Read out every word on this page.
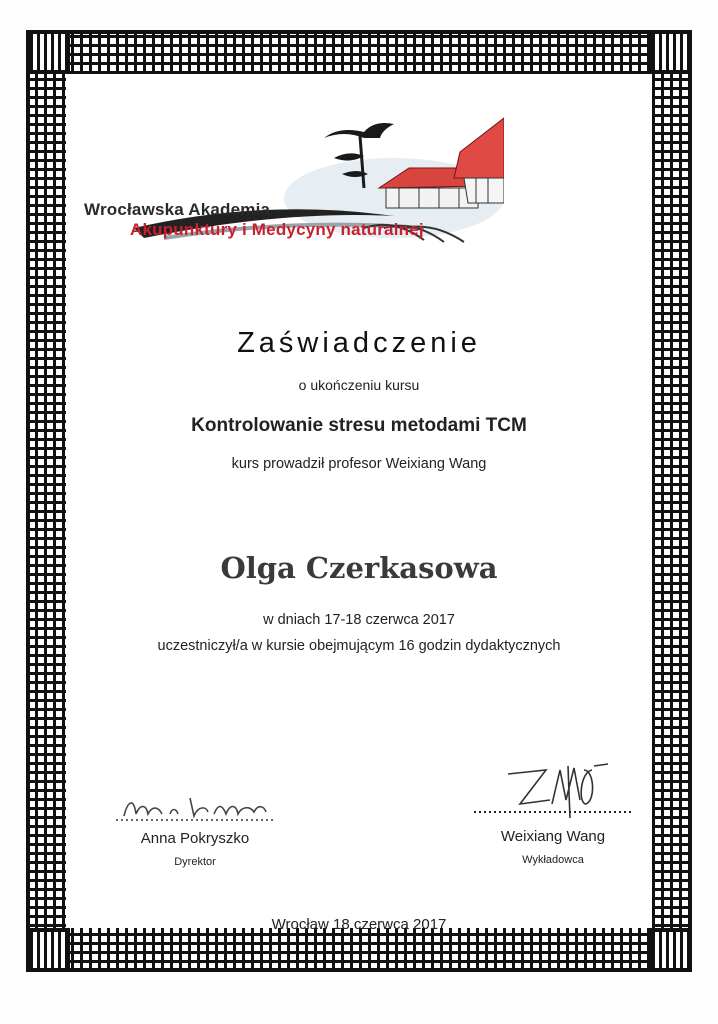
Wrocławska Akademia
Akupunktury i Medycyny naturalnej
Zaświadczenie
o ukończeniu kursu
Kontrolowanie stresu metodami TCM
kurs prowadził profesor Weixiang Wang
Olga Czerkasowa
w dniach 17-18 czerwca 2017
uczestniczył/a w kursie obejmującym 16 godzin dydaktycznych
Anna Pokryszko
Dyrektor
Weixiang Wang
Wykładowca
Wrocław 18 czerwca 2017
